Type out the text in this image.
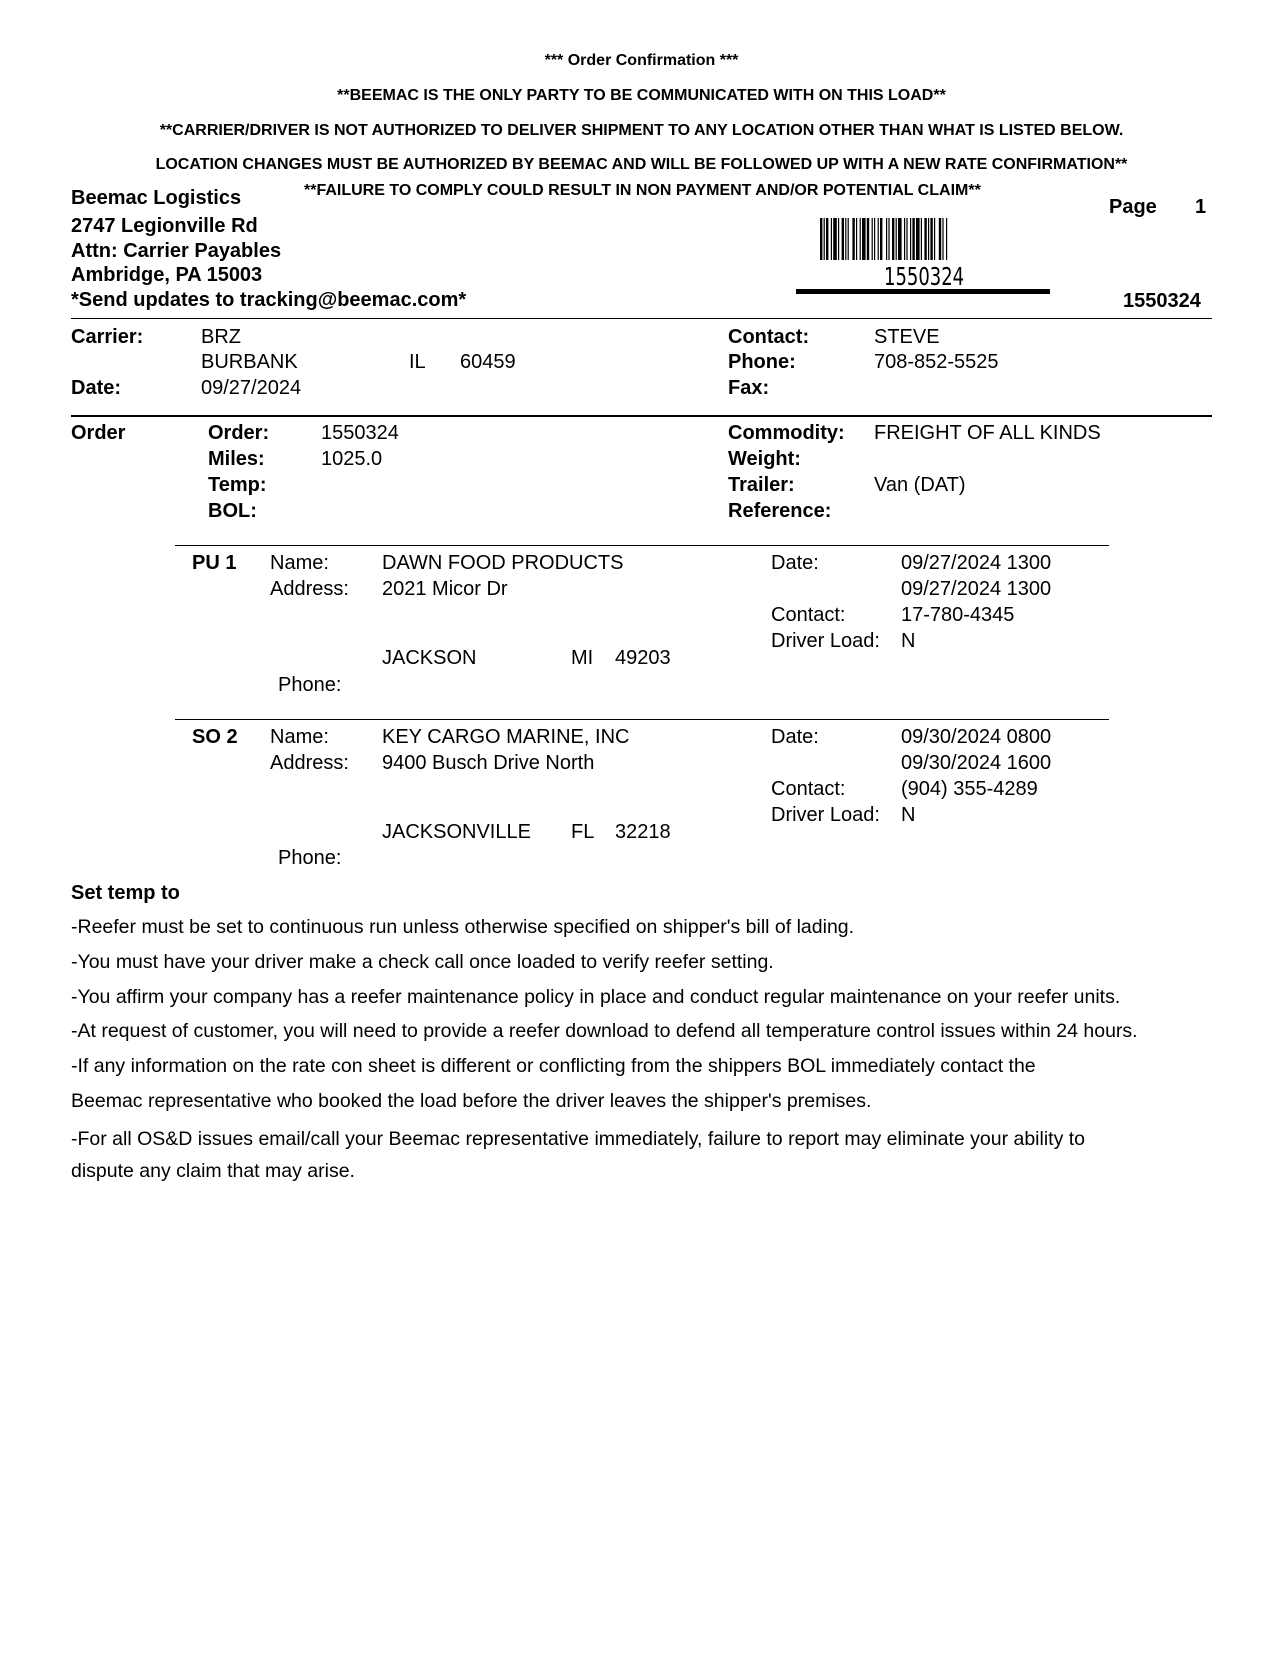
*** Order Confirmation ***
**BEEMAC IS THE ONLY PARTY TO BE COMMUNICATED WITH ON THIS LOAD**
**CARRIER/DRIVER IS NOT AUTHORIZED TO DELIVER SHIPMENT TO ANY LOCATION OTHER THAN WHAT IS LISTED BELOW.
LOCATION CHANGES MUST BE AUTHORIZED BY BEEMAC AND WILL BE FOLLOWED UP WITH A NEW RATE CONFIRMATION**
**FAILURE TO COMPLY COULD RESULT IN NON PAYMENT AND/OR POTENTIAL CLAIM**
Beemac Logistics
2747 Legionville Rd
Attn: Carrier Payables
Ambridge, PA 15003
*Send updates to tracking@beemac.com*
Page 1
1550324
1550324
Carrier:	BRZ
BURBANK	IL 60459
Date:	09/27/2024
Contact:	STEVE
Phone:	708-852-5525
Fax:
Order	Order:	1550324
Miles:	1025.0
Temp:
BOL:
Commodity: FREIGHT OF ALL KINDS
Weight:
Trailer:	Van (DAT)
Reference:
PU 1 Name:	DAWN FOOD PRODUCTS
Address: 2021 Micor Dr
JACKSON	MI 49203
Phone:
Date:	09/27/2024 1300
09/27/2024 1300
Contact:	17-780-4345
Driver Load: N
SO 2 Name:	KEY CARGO MARINE, INC
Address: 9400 Busch Drive North
JACKSONVILLE FL 32218
Phone:
Date:	09/30/2024 0800
09/30/2024 1600
Contact:	(904) 355-4289
Driver Load: N
Set temp to
-Reefer must be set to continuous run unless otherwise specified on shipper's bill of lading.
-You must have your driver make a check call once loaded to verify reefer setting.
-You affirm your company has a reefer maintenance policy in place and conduct regular maintenance on your reefer units.
-At request of customer, you will need to provide a reefer download to defend all temperature control issues within 24 hours.
-If any information on the rate con sheet is different or conflicting from the shippers BOL immediately contact the
Beemac representative who booked the load before the driver leaves the shipper's premises.
-For all OS&D issues email/call your Beemac representative immediately, failure to report may eliminate your ability to
dispute any claim that may arise.
